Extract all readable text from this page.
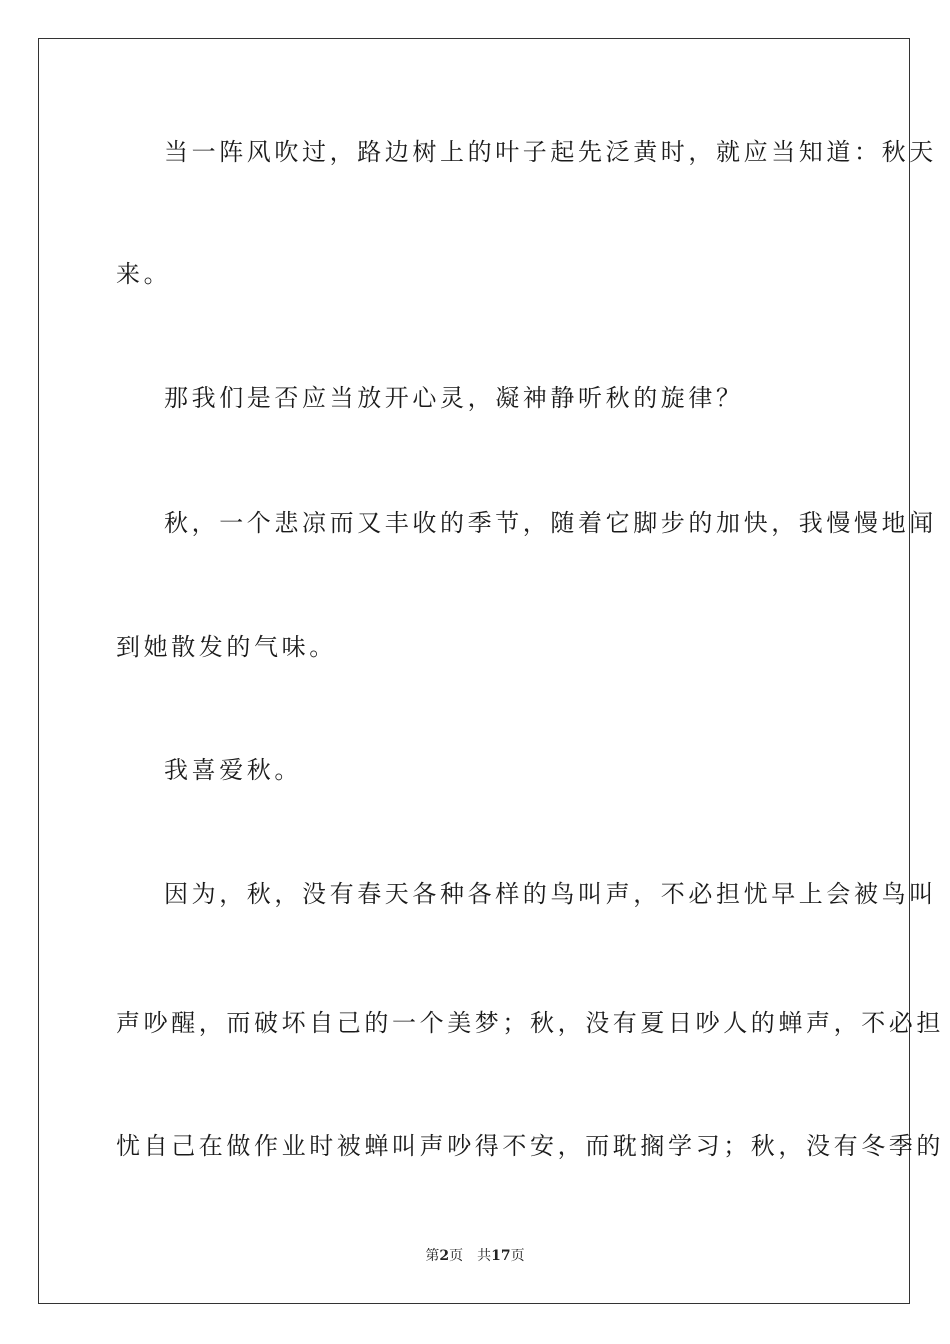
当一阵风吹过，路边树上的叶子起先泛黄时，就应当知道：秋天
来。
那我们是否应当放开心灵，凝神静听秋的旋律？
秋，一个悲凉而又丰收的季节，随着它脚步的加快，我慢慢地闻
到她散发的气味。
我喜爱秋。
因为，秋，没有春天各种各样的鸟叫声，不必担忧早上会被鸟叫
声吵醒，而破坏自己的一个美梦；秋，没有夏日吵人的蝉声，不必担
忧自己在做作业时被蝉叫声吵得不安，而耽搁学习；秋，没有冬季的
第2页 共17页
